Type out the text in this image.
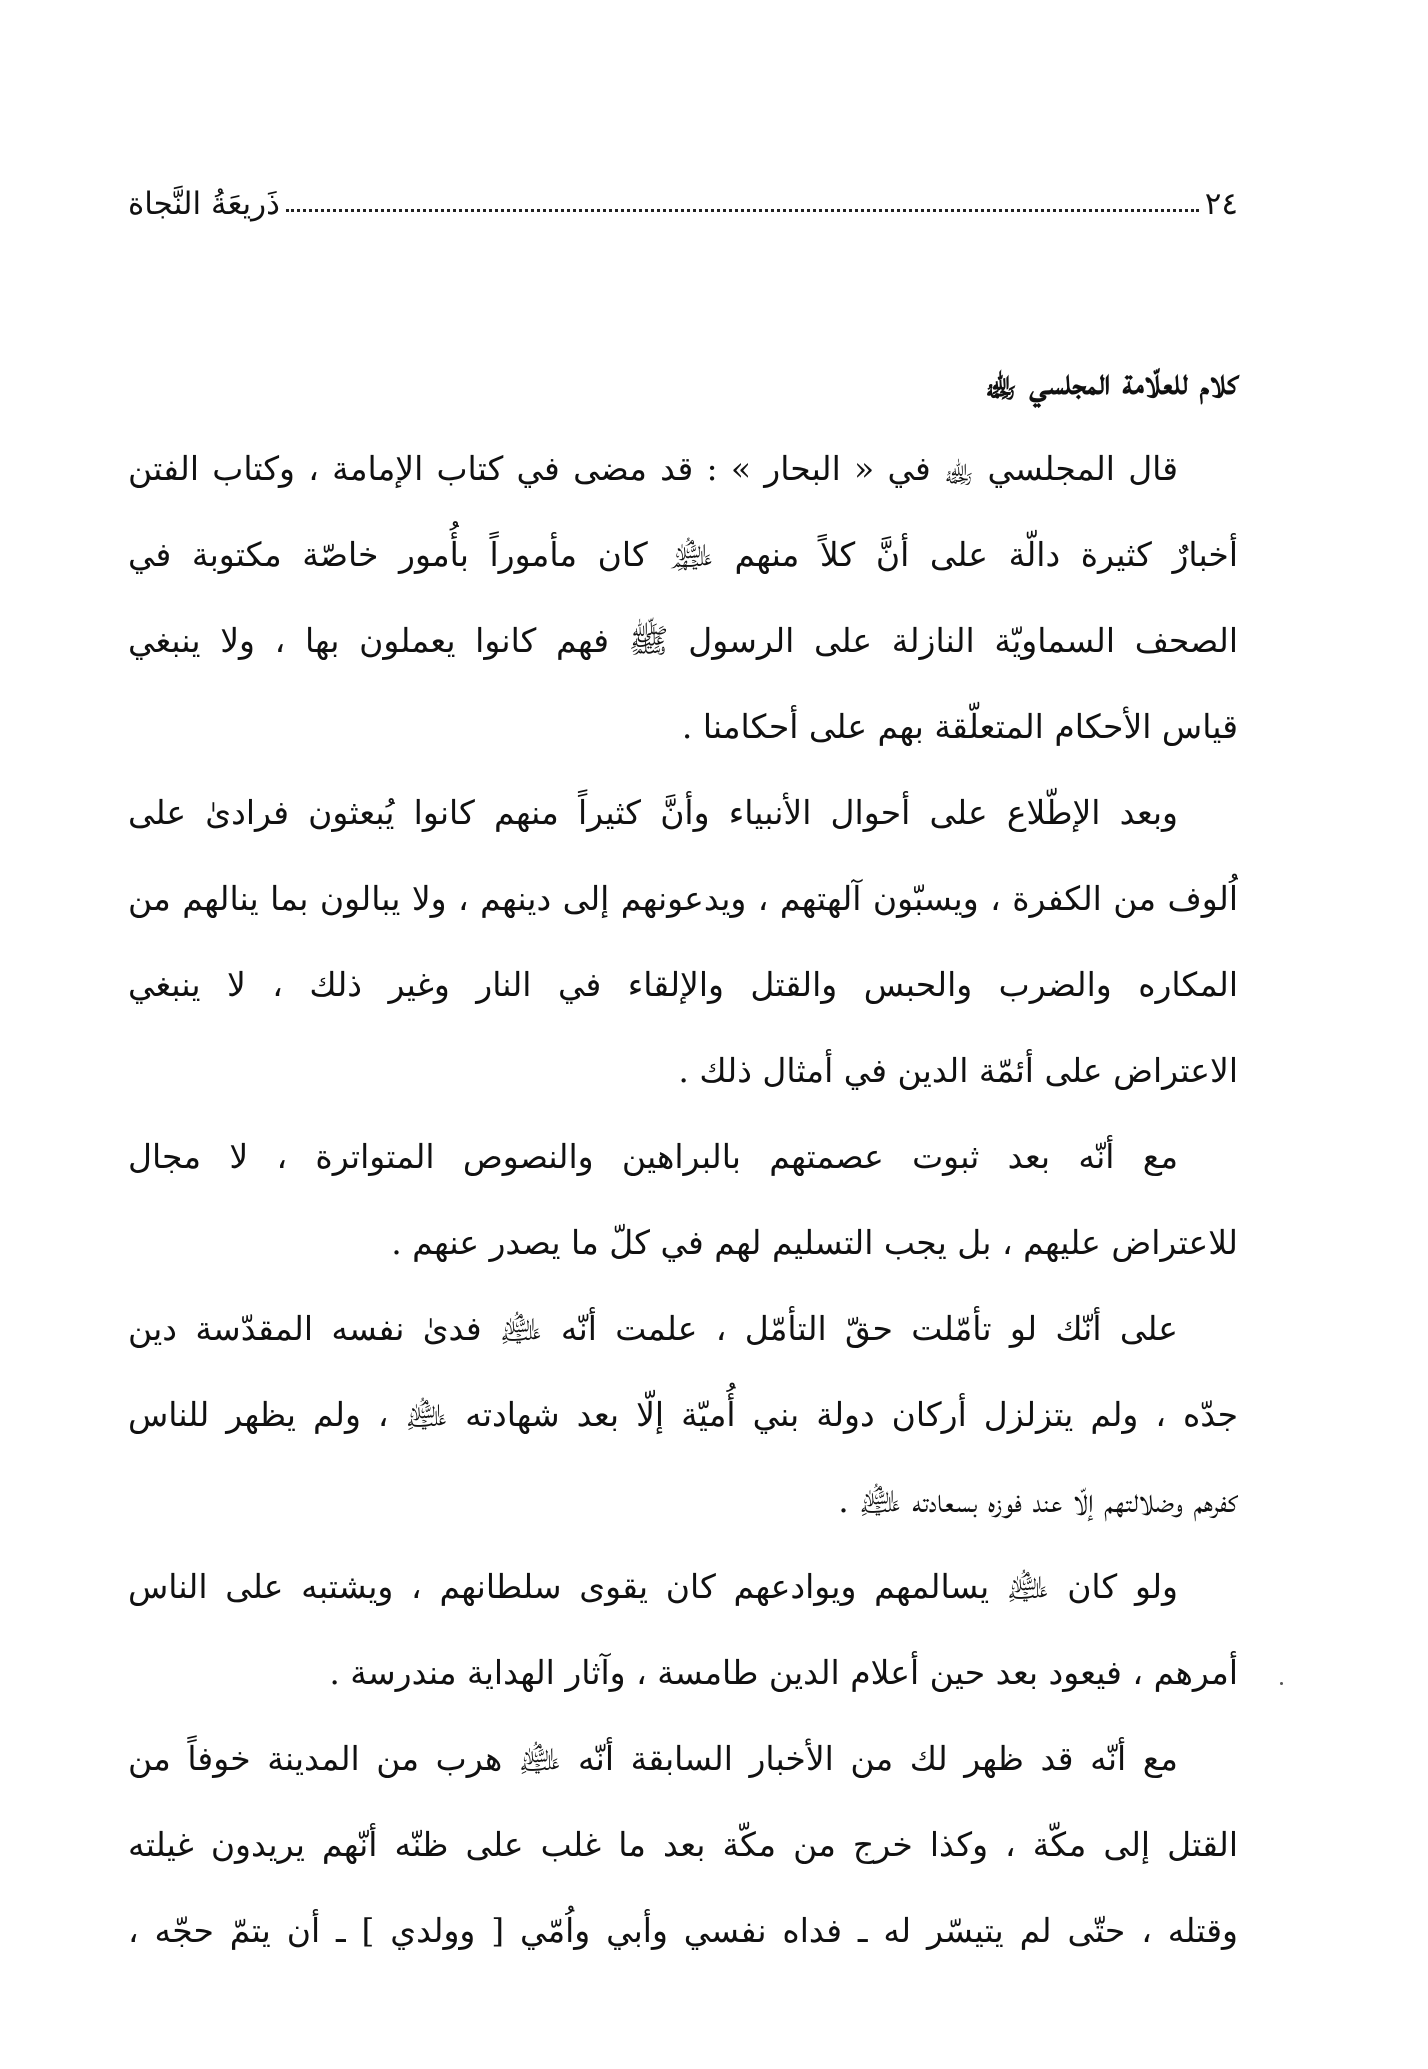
٢٤
ذَريعَةُ النَّجاة
كلام للعلّامة المجلسي ﵀
قال المجلسي ﵀ في « البحار » : قد مضى في كتاب الإمامة ، وكتاب الفتن
أخبارٌ كثيرة دالّة على أنَّ كلاً منهم ﵈ كان مأموراً بأُمور خاصّة مكتوبة في
الصحف السماويّة النازلة على الرسول ﷺ فهم كانوا يعملون بها ، ولا ينبغي
قياس الأحكام المتعلّقة بهم على أحكامنا .
وبعد الإطّلاع على أحوال الأنبياء وأنَّ كثيراً منهم كانوا يُبعثون فرادىٰ على
اُلوف من الكفرة ، ويسبّون آلهتهم ، ويدعونهم إلى دينهم ، ولا يبالون بما ينالهم من
المكاره والضرب والحبس والقتل والإلقاء في النار وغير ذلك ، لا ينبغي
الاعتراض على أئمّة الدين في أمثال ذلك .
مع أنّه بعد ثبوت عصمتهم بالبراهين والنصوص المتواترة ، لا مجال
للاعتراض عليهم ، بل يجب التسليم لهم في كلّ ما يصدر عنهم .
على أنّك لو تأمّلت حقّ التأمّل ، علمت أنّه ﵇ فدىٰ نفسه المقدّسة دين
جدّه ، ولم يتزلزل أركان دولة بني أُميّة إلّا بعد شهادته ﵇ ، ولم يظهر للناس
كفرهم وضلالتهم إلّا عند فوزه بسعادته ﵇ .
ولو كان ﵇ يسالمهم ويوادعهم كان يقوى سلطانهم ، ويشتبه على الناس
أمرهم ، فيعود بعد حين أعلام الدين طامسة ، وآثار الهداية مندرسة .
مع أنّه قد ظهر لك من الأخبار السابقة أنّه ﵇ هرب من المدينة خوفاً من
القتل إلى مكّة ، وكذا خرج من مكّة بعد ما غلب على ظنّه أنّهم يريدون غيلته
وقتله ، حتّى لم يتيسّر له ـ فداه نفسي وأبي واُمّي [ وولدي ] ـ أن يتمّ حجّه ،
